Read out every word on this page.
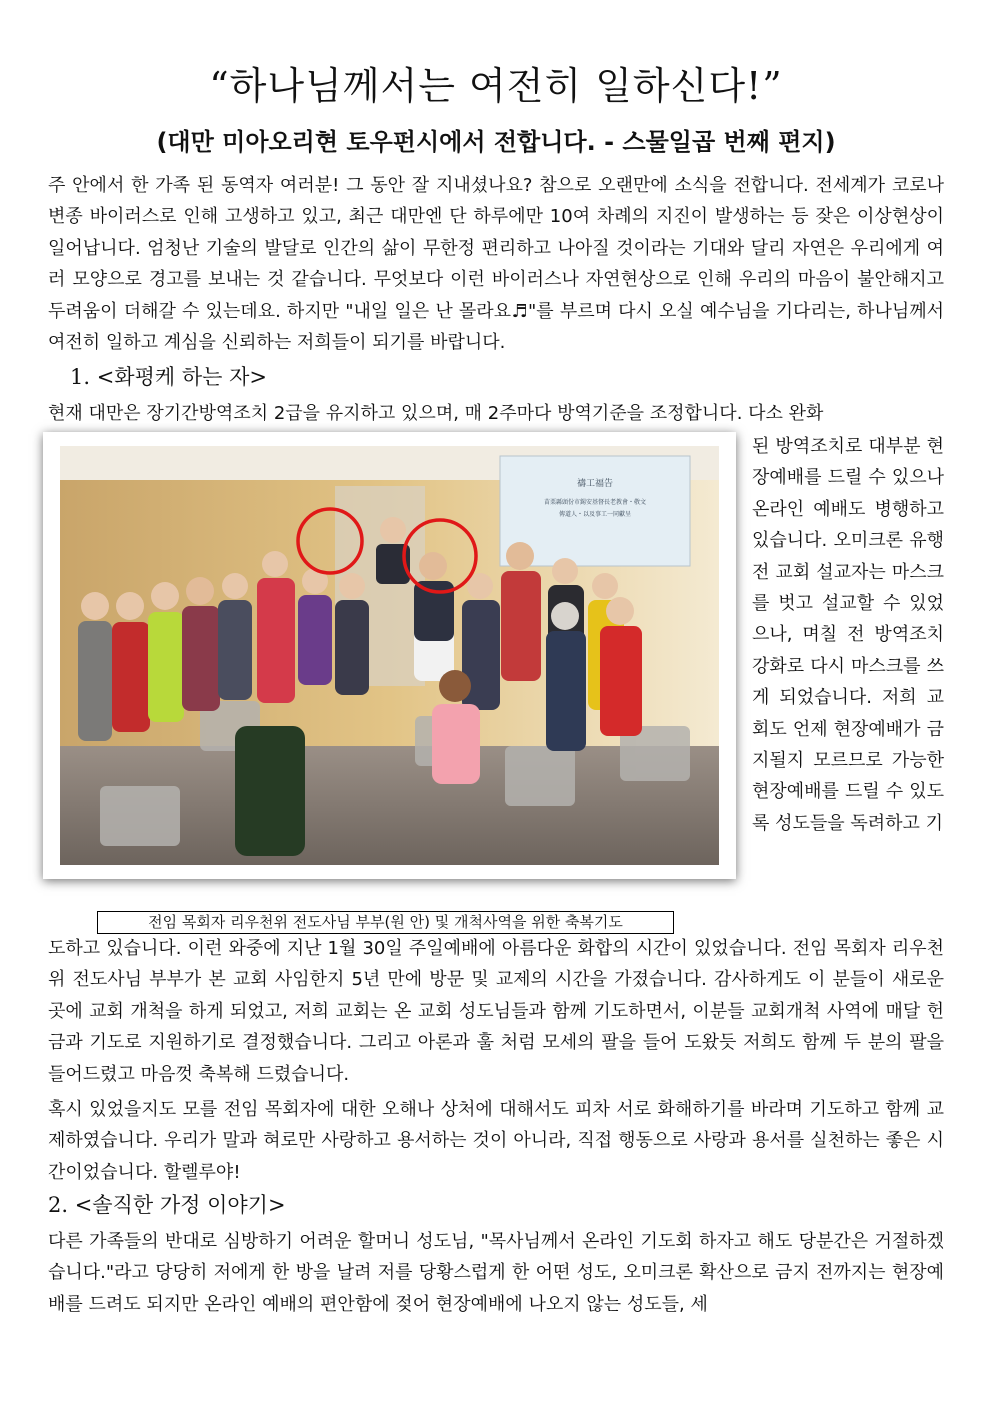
“하나님께서는 여전히 일하신다!”
(대만 미아오리현 토우펀시에서 전합니다. - 스물일곱 번째 편지)
주 안에서 한 가족 된 동역자 여러분! 그 동안 잘 지내셨나요? 참으로 오랜만에 소식을 전합니다. 전세계가 코로나 변종 바이러스로 인해 고생하고 있고, 최근 대만엔 단 하루에만 10여 차례의 지진이 발생하는 등 잦은 이상현상이 일어납니다. 엄청난 기술의 발달로 인간의 삶이 무한정 편리하고 나아질 것이라는 기대와 달리 자연은 우리에게 여러 모양으로 경고를 보내는 것 같습니다. 무엇보다 이런 바이러스나 자연현상으로 인해 우리의 마음이 불안해지고 두려움이 더해갈 수 있는데요. 하지만 "내일 일은 난 몰라요♬"를 부르며 다시 오실 예수님을 기다리는, 하나님께서 여전히 일하고 계심을 신뢰하는 저희들이 되기를 바랍니다.
1. <화평케 하는 자>
현재 대만은 장기간방역조치 2급을 유지하고 있으며, 매 2주마다 방역기준을 조정합니다. 다소 완화
禱工福告
苗栗縣頭份市錫安基督長老教會・敬文
傳道人・以及事工一同獻呈
된 방역조치로 대부분 현장예배를 드릴 수 있으나 온라인 예배도 병행하고 있습니다. 오미크론 유행 전 교회 설교자는 마스크를 벗고 설교할 수 있었으나, 며칠 전 방역조치 강화로 다시 마스크를 쓰게 되었습니다. 저희 교회도 언제 현장예배가 금지될지 모르므로 가능한 현장예배를 드릴 수 있도록 성도들을 독려하고 기
전임 목회자 리우천위 전도사님 부부(원 안) 및 개척사역을 위한 축복기도
도하고 있습니다. 이런 와중에 지난 1월 30일 주일예배에 아름다운 화합의 시간이 있었습니다. 전임 목회자 리우천위 전도사님 부부가 본 교회 사임한지 5년 만에 방문 및 교제의 시간을 가졌습니다. 감사하게도 이 분들이 새로운 곳에 교회 개척을 하게 되었고, 저희 교회는 온 교회 성도님들과 함께 기도하면서, 이분들 교회개척 사역에 매달 헌금과 기도로 지원하기로 결정했습니다. 그리고 아론과 훌 처럼 모세의 팔을 들어 도왔듯 저희도 함께 두 분의 팔을 들어드렸고 마음껏 축복해 드렸습니다.
혹시 있었을지도 모를 전임 목회자에 대한 오해나 상처에 대해서도 피차 서로 화해하기를 바라며 기도하고 함께 교제하였습니다. 우리가 말과 혀로만 사랑하고 용서하는 것이 아니라, 직접 행동으로 사랑과 용서를 실천하는 좋은 시간이었습니다. 할렐루야!
2. <솔직한 가정 이야기>
다른 가족들의 반대로 심방하기 어려운 할머니 성도님, "목사님께서 온라인 기도회 하자고 해도 당분간은 거절하겠습니다."라고 당당히 저에게 한 방을 날려 저를 당황스럽게 한 어떤 성도, 오미크론 확산으로 금지 전까지는 현장예배를 드려도 되지만 온라인 예배의 편안함에 젖어 현장예배에 나오지 않는 성도들, 세
